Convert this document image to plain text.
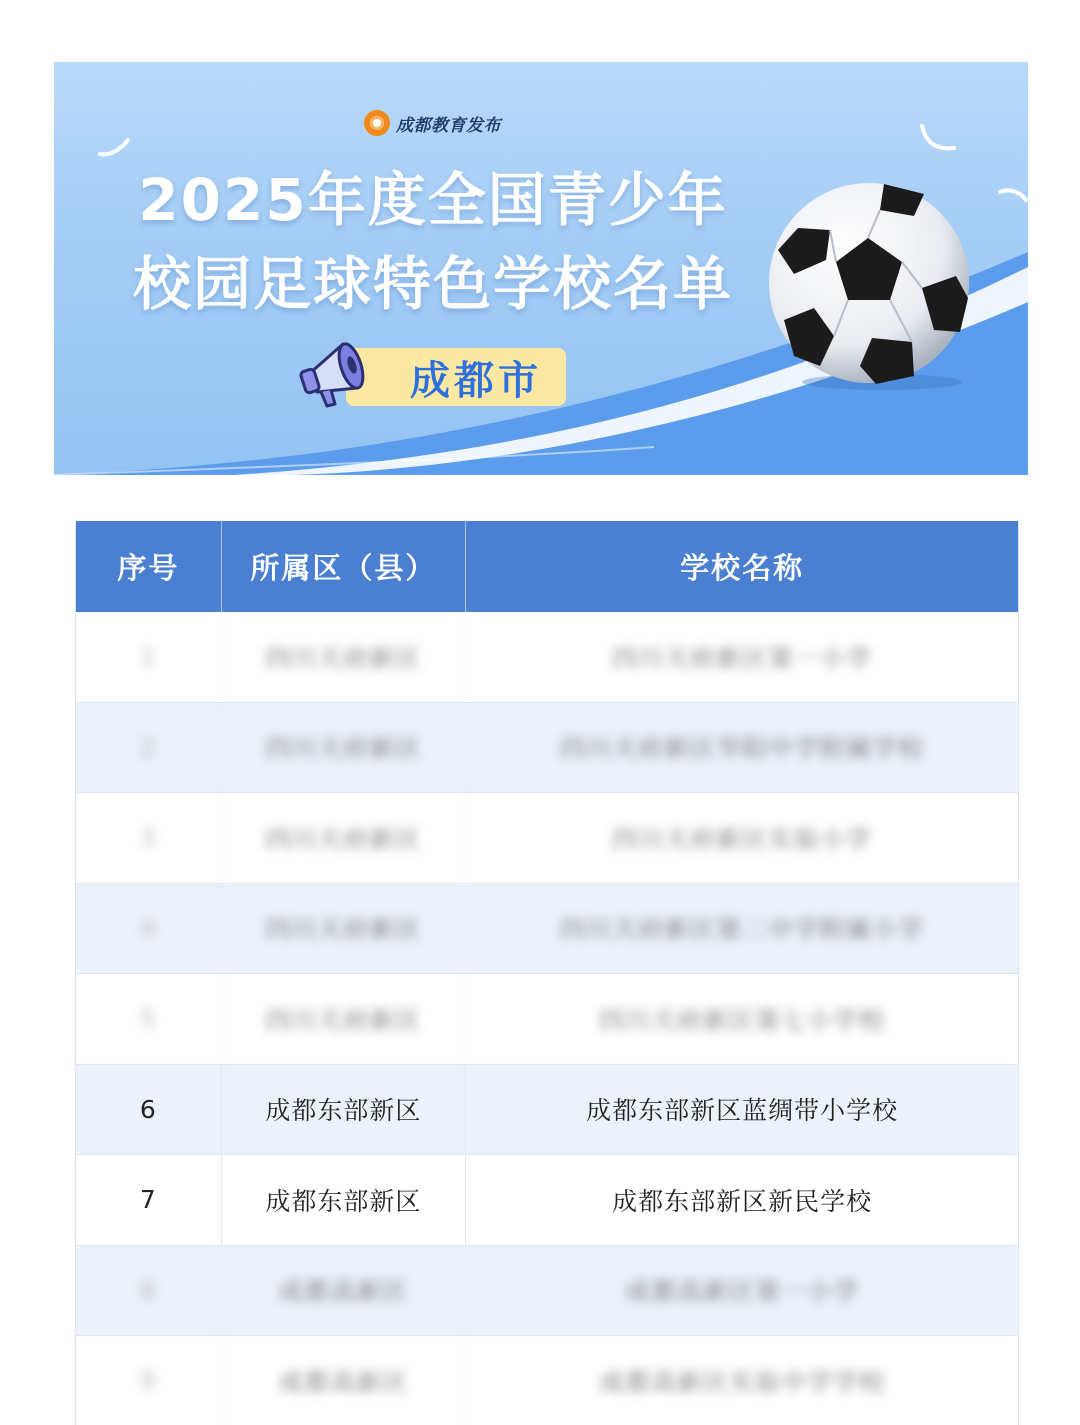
成都教育发布
2025年度全国青少年
校园足球特色学校名单
成都市
序号	所属区（县）	学校名称
1	四川天府新区	四川天府新区第一小学
2	四川天府新区	四川天府新区华阳中学附属学校
3	四川天府新区	四川天府新区实验小学
4	四川天府新区	四川天府新区第二中学附属小学
5	四川天府新区	四川天府新区第七小学校
6	成都东部新区	成都东部新区蓝绸带小学校
7	成都东部新区	成都东部新区新民学校
8	成都高新区	成都高新区第一小学
9	成都高新区	成都高新区实验中学学校
